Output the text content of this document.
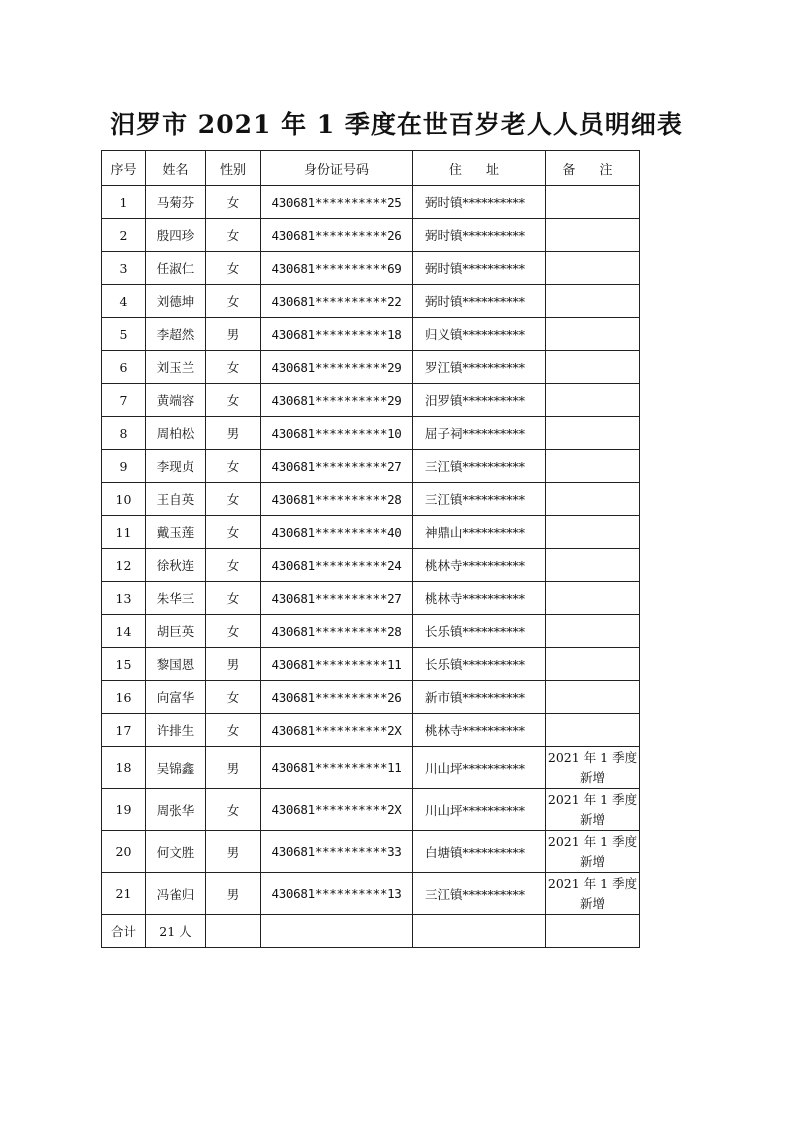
汨罗市 2021 年 1 季度在世百岁老人人员明细表
序号	姓名	性别	身份证号码	住 址	备 注
1	马菊芬	女	430681**********25	弼时镇**********	
2	殷四珍	女	430681**********26	弼时镇**********	
3	任淑仁	女	430681**********69	弼时镇**********	
4	刘德坤	女	430681**********22	弼时镇**********	
5	李超然	男	430681**********18	归义镇**********	
6	刘玉兰	女	430681**********29	罗江镇**********	
7	黄端容	女	430681**********29	汨罗镇**********	
8	周柏松	男	430681**********10	屈子祠**********	
9	李现贞	女	430681**********27	三江镇**********	
10	王自英	女	430681**********28	三江镇**********	
11	戴玉莲	女	430681**********40	神鼎山**********	
12	徐秋连	女	430681**********24	桃林寺**********	
13	朱华三	女	430681**********27	桃林寺**********	
14	胡巨英	女	430681**********28	长乐镇**********	
15	黎国恩	男	430681**********11	长乐镇**********	
16	向富华	女	430681**********26	新市镇**********	
17	许排生	女	430681**********2X	桃林寺**********	
18	吴锦鑫	男	430681**********11	川山坪**********	2021 年 1 季度
新增

19	周张华	女	430681**********2X	川山坪**********	2021 年 1 季度
新增

20	何文胜	男	430681**********33	白塘镇**********	2021 年 1 季度
新增

21	冯雀归	男	430681**********13	三江镇**********	2021 年 1 季度
新增

合计	21 人				
